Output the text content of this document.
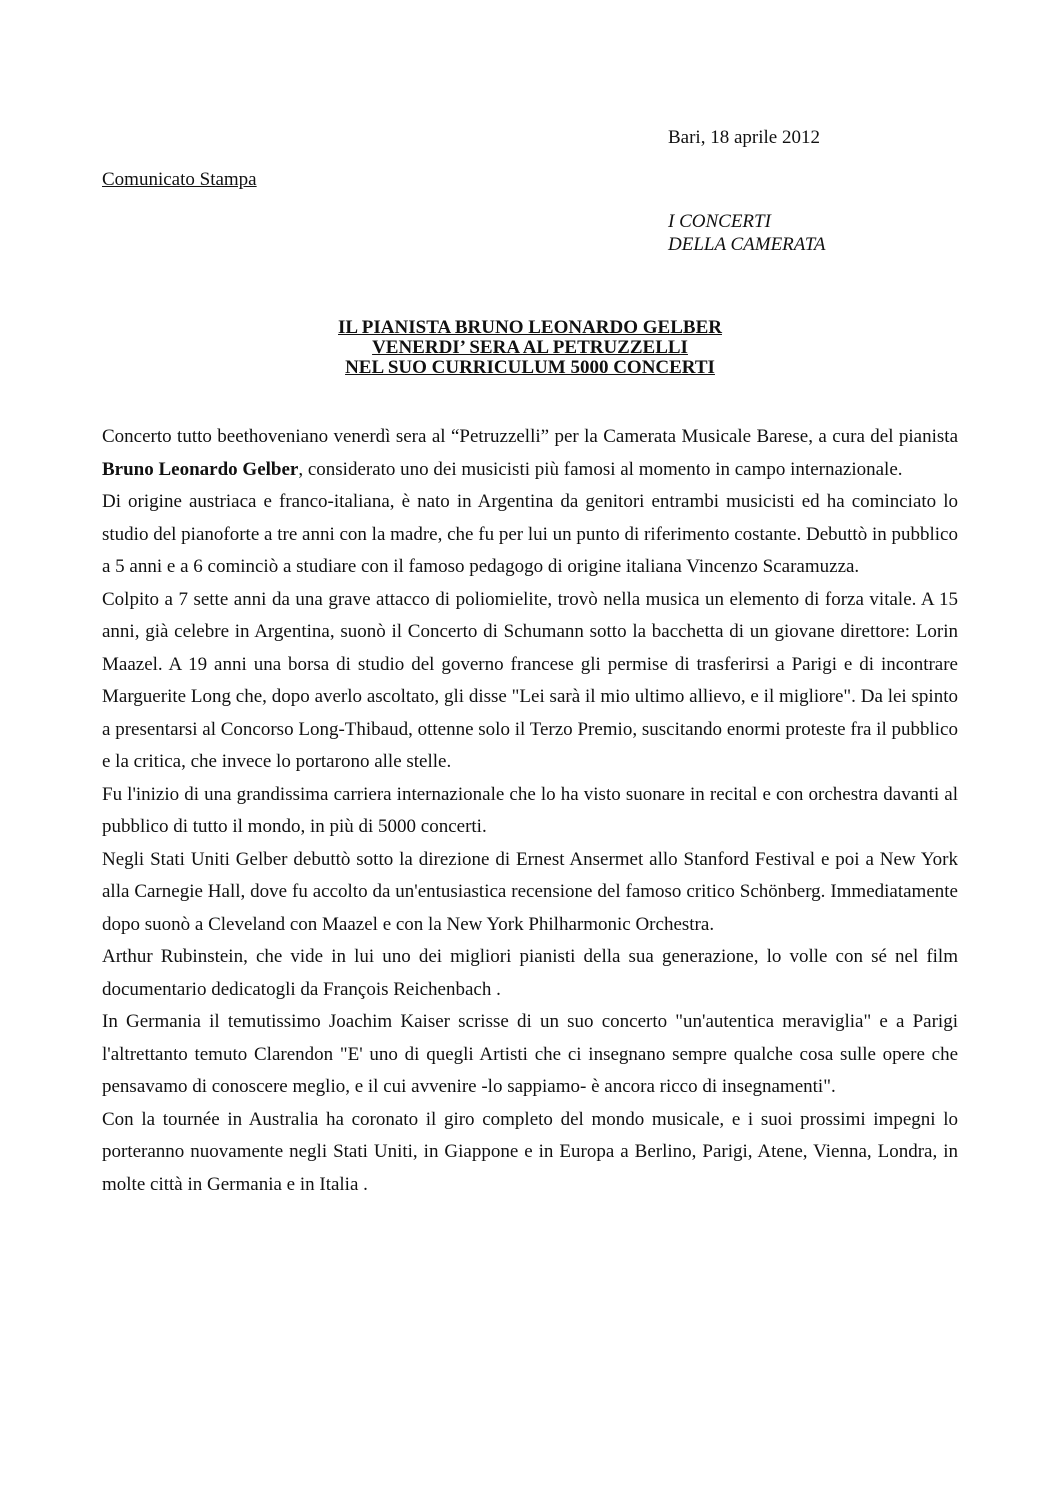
Bari, 18 aprile 2012
Comunicato Stampa
I CONCERTI
DELLA CAMERATA
IL PIANISTA BRUNO LEONARDO GELBER
VENERDI’ SERA AL PETRUZZELLI
NEL SUO CURRICULUM 5000 CONCERTI

Concerto tutto beethoveniano venerdì sera al “Petruzzelli” per la Camerata Musicale Barese, a cura del pianista Bruno Leonardo Gelber, considerato uno dei musicisti più famosi al momento in campo internazionale.

Di origine austriaca e franco-italiana, è nato in Argentina da genitori entrambi musicisti ed ha cominciato lo studio del pianoforte a tre anni con la madre, che fu per lui un punto di riferimento costante. Debuttò in pubblico a 5 anni e a 6 cominciò a studiare con il famoso pedagogo di origine italiana Vincenzo Scaramuzza.

Colpito a 7 sette anni da una grave attacco di poliomielite, trovò nella musica un elemento di forza vitale. A 15 anni, già celebre in Argentina, suonò il Concerto di Schumann sotto la bacchetta di un giovane direttore: Lorin Maazel. A 19 anni una borsa di studio del governo francese gli permise di trasferirsi a Parigi e di incontrare Marguerite Long che, dopo averlo ascoltato, gli disse "Lei sarà il mio ultimo allievo, e il migliore". Da lei spinto a presentarsi al Concorso Long-Thibaud, ottenne solo il Terzo Premio, suscitando enormi proteste fra il pubblico e la critica, che invece lo portarono alle stelle.

Fu l'inizio di una grandissima carriera internazionale che lo ha visto suonare in recital e con orchestra davanti al pubblico di tutto il mondo, in più di 5000 concerti.

Negli Stati Uniti Gelber debuttò sotto la direzione di Ernest Ansermet allo Stanford Festival e poi a New York alla Carnegie Hall, dove fu accolto da un'entusiastica recensione del famoso critico Schönberg. Immediatamente dopo suonò a Cleveland con Maazel e con la New York Philharmonic Orchestra.

Arthur Rubinstein, che vide in lui uno dei migliori pianisti della sua generazione, lo volle con sé nel film documentario dedicatogli da François Reichenbach .

In Germania il temutissimo Joachim Kaiser scrisse di un suo concerto "un'autentica meraviglia" e a Parigi l'altrettanto temuto Clarendon "E' uno di quegli Artisti che ci insegnano sempre qualche cosa sulle opere che pensavamo di conoscere meglio, e il cui avvenire -lo sappiamo- è ancora ricco di insegnamenti".

Con la tournée in Australia ha coronato il giro completo del mondo musicale, e i suoi prossimi impegni lo porteranno nuovamente negli Stati Uniti, in Giappone e in Europa a Berlino, Parigi, Atene, Vienna, Londra, in molte città in Germania e in Italia .
